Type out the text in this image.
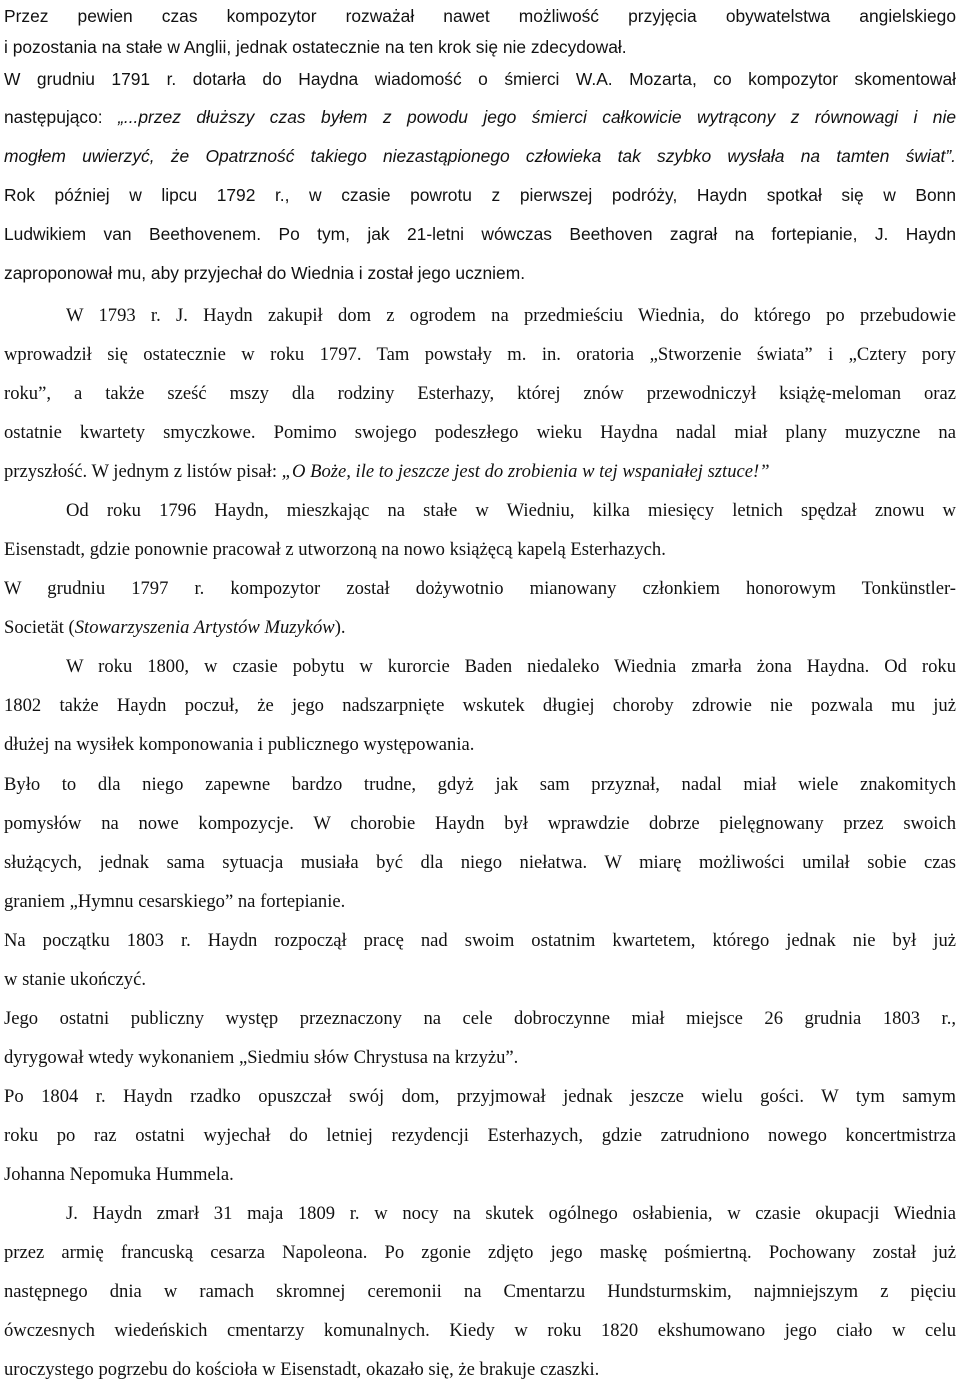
Przez pewien czas kompozytor rozważał nawet możliwość przyjęcia obywatelstwa angielskiego
i pozostania na stałe w Anglii, jednak ostatecznie na ten krok się nie zdecydował.
W grudniu 1791 r. dotarła do Haydna wiadomość o śmierci W.A. Mozarta, co kompozytor skomentował
następująco: „...przez dłuższy czas byłem z powodu jego śmierci całkowicie wytrącony z równowagi i nie
mogłem uwierzyć, że Opatrzność takiego niezastąpionego człowieka tak szybko wysłała na tamten świat”.
Rok później w lipcu 1792 r., w czasie powrotu z pierwszej podróży, Haydn spotkał się w Bonn
Ludwikiem van Beethovenem. Po tym, jak 21-letni wówczas Beethoven zagrał na fortepianie, J. Haydn
zaproponował mu, aby przyjechał do Wiednia i został jego uczniem.
W 1793 r. J. Haydn zakupił dom z ogrodem na przedmieściu Wiednia, do którego po przebudowie
wprowadził się ostatecznie w roku 1797. Tam powstały m. in. oratoria „Stworzenie świata” i „Cztery pory
roku”, a także sześć mszy dla rodziny Esterhazy, której znów przewodniczył książę-meloman oraz
ostatnie kwartety smyczkowe. Pomimo swojego podeszłego wieku Haydna nadal miał plany muzyczne na
przyszłość. W jednym z listów pisał: „O Boże, ile to jeszcze jest do zrobienia w tej wspaniałej sztuce!”
Od roku 1796 Haydn, mieszkając na stałe w Wiedniu, kilka miesięcy letnich spędzał znowu w
Eisenstadt, gdzie ponownie pracował z utworzoną na nowo książęcą kapelą Esterhazych.
W grudniu 1797 r. kompozytor został dożywotnio mianowany członkiem honorowym Tonkünstler-
Societät (Stowarzyszenia Artystów Muzyków).
W roku 1800, w czasie pobytu w kurorcie Baden niedaleko Wiednia zmarła żona Haydna. Od roku
1802 także Haydn poczuł, że jego nadszarpnięte wskutek długiej choroby zdrowie nie pozwala mu już
dłużej na wysiłek komponowania i publicznego występowania.
Było to dla niego zapewne bardzo trudne, gdyż jak sam przyznał, nadal miał wiele znakomitych
pomysłów na nowe kompozycje. W chorobie Haydn był wprawdzie dobrze pielęgnowany przez swoich
służących, jednak sama sytuacja musiała być dla niego niełatwa. W miarę możliwości umilał sobie czas
graniem „Hymnu cesarskiego” na fortepianie.
Na początku 1803 r. Haydn rozpoczął pracę nad swoim ostatnim kwartetem, którego jednak nie był już
w stanie ukończyć.
Jego ostatni publiczny występ przeznaczony na cele dobroczynne miał miejsce 26 grudnia 1803 r.,
dyrygował wtedy wykonaniem „Siedmiu słów Chrystusa na krzyżu”.
Po 1804 r. Haydn rzadko opuszczał swój dom, przyjmował jednak jeszcze wielu gości. W tym samym
roku po raz ostatni wyjechał do letniej rezydencji Esterhazych, gdzie zatrudniono nowego koncertmistrza
Johanna Nepomuka Hummela.
J. Haydn zmarł 31 maja 1809 r. w nocy na skutek ogólnego osłabienia, w czasie okupacji Wiednia
przez armię francuską cesarza Napoleona. Po zgonie zdjęto jego maskę pośmiertną. Pochowany został już
następnego dnia w ramach skromnej ceremonii na Cmentarzu Hundsturmskim, najmniejszym z pięciu
ówczesnych wiedeńskich cmentarzy komunalnych. Kiedy w roku 1820 ekshumowano jego ciało w celu
uroczystego pogrzebu do kościoła w Eisenstadt, okazało się, że brakuje czaszki.
